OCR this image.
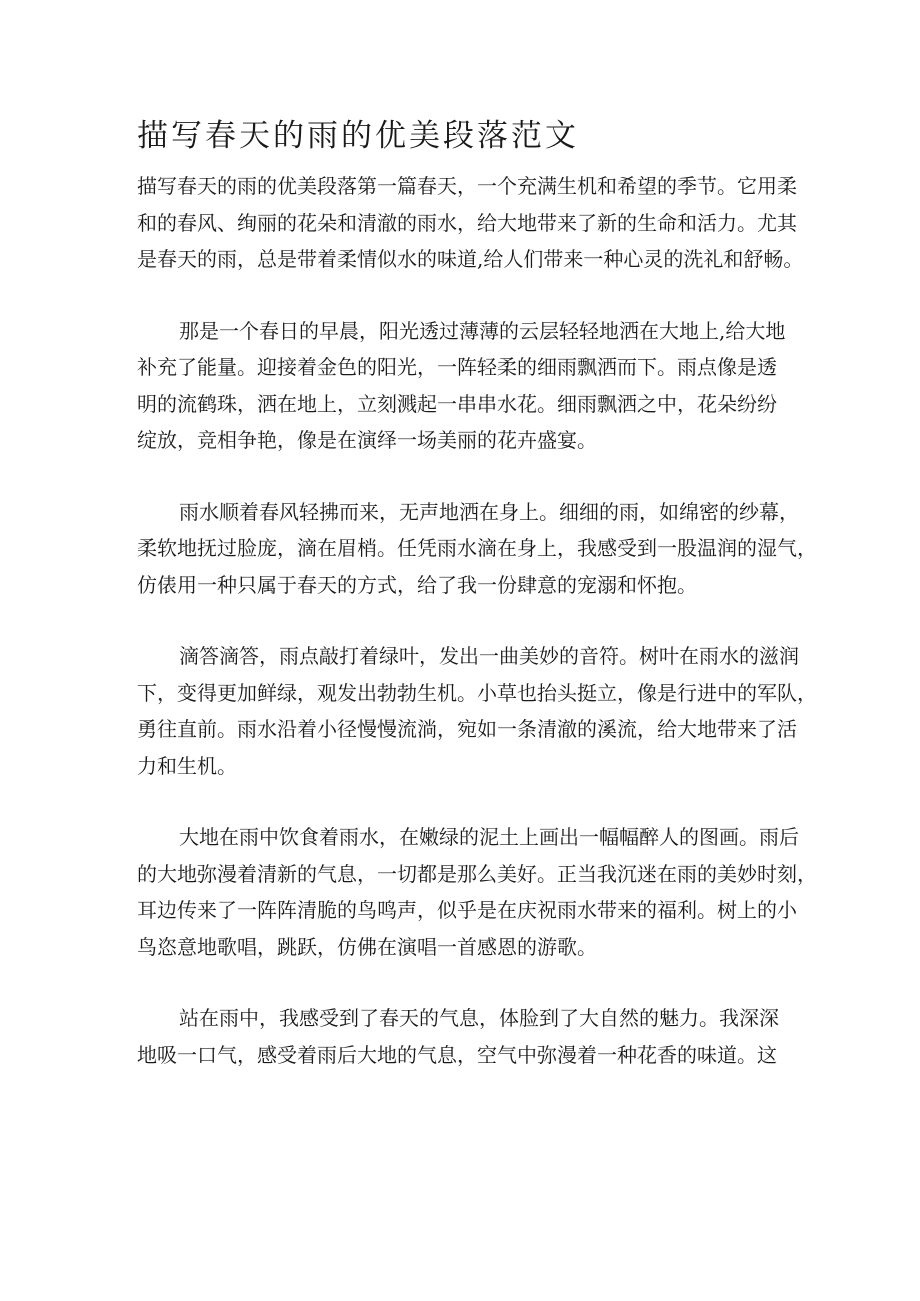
描写春天的雨的优美段落范文
描写春天的雨的优美段落第一篇春天，一个充满生机和希望的季节。它用柔
和的春风、绚丽的花朵和清澈的雨水，给大地带来了新的生命和活力。尤其
是春天的雨，总是带着柔情似水的味道,给人们带来一种心灵的洗礼和舒畅。
那是一个春日的早晨，阳光透过薄薄的云层轻轻地洒在大地上,给大地
补充了能量。迎接着金色的阳光，一阵轻柔的细雨飘洒而下。雨点像是透
明的流鹤珠，洒在地上，立刻溅起一串串水花。细雨飘洒之中，花朵纷纷
绽放，竞相争艳，像是在演绎一场美丽的花卉盛宴。
雨水顺着春风轻拂而来，无声地洒在身上。细细的雨，如绵密的纱幕，
柔软地抚过脸庞，滴在眉梢。任凭雨水滴在身上，我感受到一股温润的湿气，
仿俵用一种只属于春天的方式，给了我一份肆意的宠溺和怀抱。
滴答滴答，雨点敲打着绿叶，发出一曲美妙的音符。树叶在雨水的滋润
下，变得更加鲜绿，观发出勃勃生机。小草也抬头挺立，像是行进中的军队，
勇往直前。雨水沿着小径慢慢流淌，宛如一条清澈的溪流，给大地带来了活
力和生机。
大地在雨中饮食着雨水，在嫩绿的泥土上画出一幅幅醉人的图画。雨后
的大地弥漫着清新的气息，一切都是那么美好。正当我沉迷在雨的美妙时刻，
耳边传来了一阵阵清脆的鸟鸣声，似乎是在庆祝雨水带来的福利。树上的小
鸟恣意地歌唱，跳跃，仿佛在演唱一首感恩的游歌。
站在雨中，我感受到了春天的气息，体脸到了大自然的魅力。我深深
地吸一口气，感受着雨后大地的气息，空气中弥漫着一种花香的味道。这
